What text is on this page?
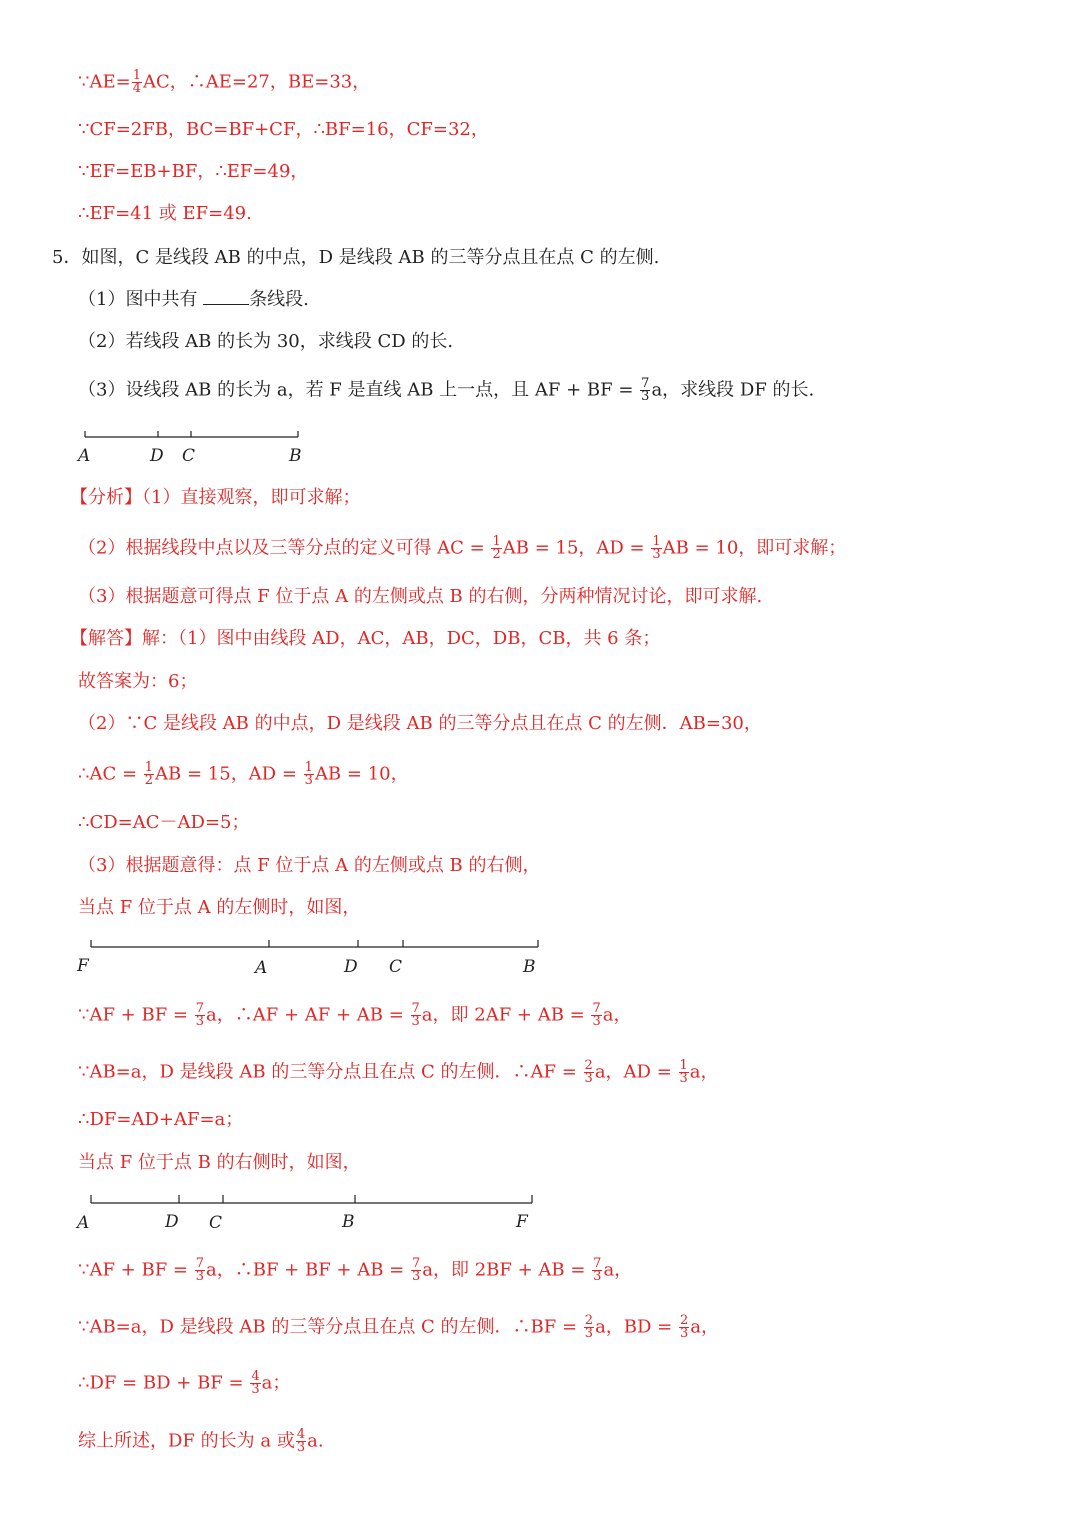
∵AE= $\frac{1}{4}$ AC，∴AE=27，BE=33，
∵CF=2FB，BC=BF+CF，∴BF=16，CF=32，
∵EF=EB+BF，∴EF=49，
∴EF=41 或 EF=49.
5．如图，C 是线段 AB 的中点，D 是线段 AB 的三等分点且在点 C 的左侧.
（1）图中共有	条线段.
（2）若线段 AB 的长为 30，求线段 CD 的长.
（3）设线段 AB 的长为 a，若 F 是直线 AB 上一点，且 AF + BF = $\frac{7}{3}$ a，求线段 DF 的长.
A	D C	B
【分析】（1）直接观察，即可求解；
（2）根据线段中点以及三等分点的定义可得 AC = $\frac{1}{2}$ AB = 15，AD = $\frac{1}{3}$ AB = 10，即可求解；
（3）根据题意可得点 F 位于点 A 的左侧或点 B 的右侧，分两种情况讨论，即可求解.
【解答】解：（1）图中由线段 AD，AC，AB，DC，DB，CB，共 6 条；
故答案为：6；
（2）∵C 是线段 AB 的中点，D 是线段 AB 的三等分点且在点 C 的左侧．AB=30，
∴AC = $\frac{1}{2}$ AB = 15，AD = $\frac{1}{3}$ AB = 10，
∴CD=AC－AD=5；
（3）根据题意得：点 F 位于点 A 的左侧或点 B 的右侧，
当点 F 位于点 A 的左侧时，如图，
F	A	D C	B
∵AF + BF = $\frac{7}{3}$ a，∴AF + AF + AB = $\frac{7}{3}$ a，即 2AF + AB = $\frac{7}{3}$ a，
∵AB=a，D 是线段 AB 的三等分点且在点 C 的左侧．∴AF = $\frac{2}{3}$ a，AD = $\frac{1}{3}$ a，
∴DF=AD+AF=a；
当点 F 位于点 B 的右侧时，如图，
A	D C	B	F
∵AF + BF = $\frac{7}{3}$ a，∴BF + BF + AB = $\frac{7}{3}$ a，即 2BF + AB = $\frac{7}{3}$ a，
∵AB=a，D 是线段 AB 的三等分点且在点 C 的左侧．∴BF = $\frac{2}{3}$ a，BD = $\frac{2}{3}$ a，
∴DF = BD + BF = $\frac{4}{3}$ a；
综上所述，DF 的长为 a 或 $\frac{4}{3} a$.
